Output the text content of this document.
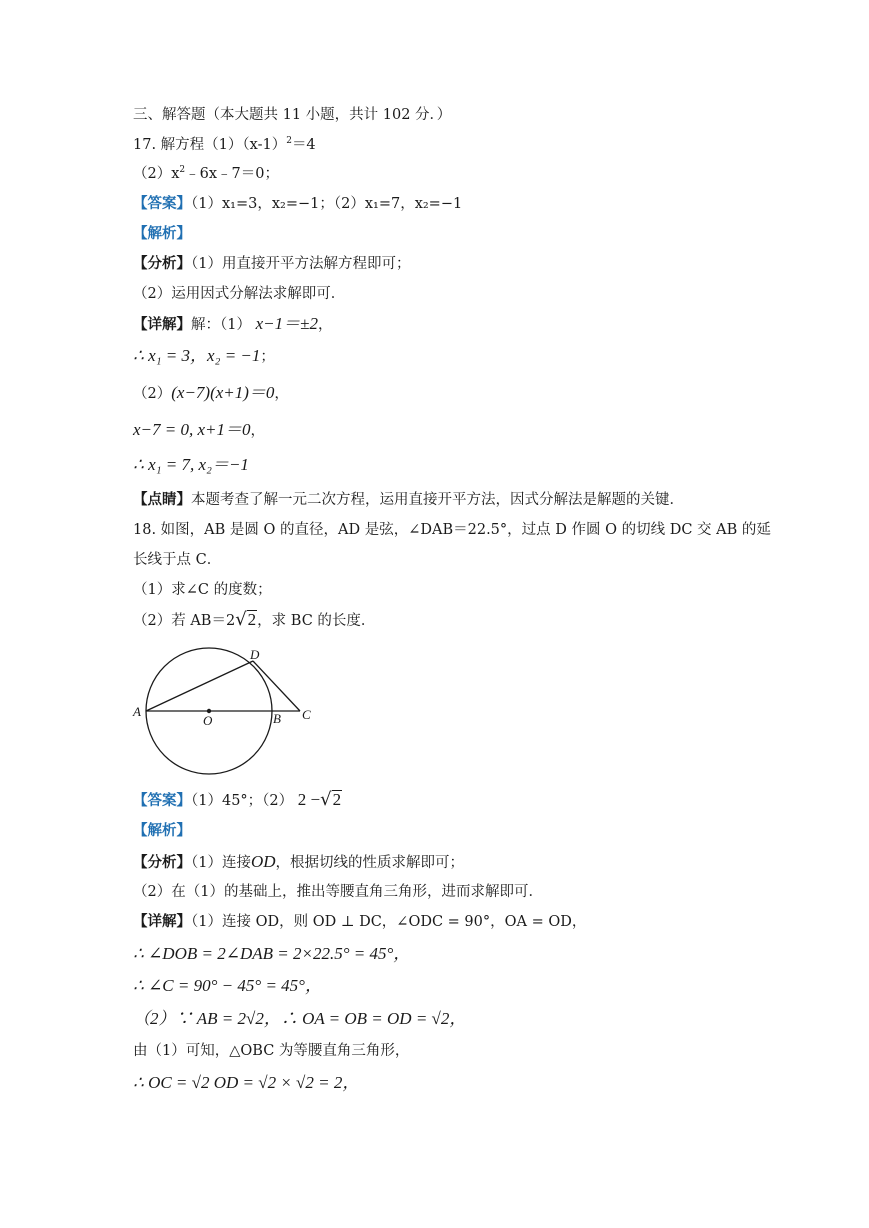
三、解答题（本大题共 11 小题，共计 102 分．）
17. 解方程$(1)(x-1)^2=4$
$(2)x^2﹣6x﹣7=0$；
【答案】（1）x₁=3，x₂=−1；（2）x₁=7，x₂=−1
【解析】
【分析】（1）用直接开平方法解方程即可；
（2）运用因式分解法求解即可．
【详解】解：（1） x−1＝±2，
∴ x₁ = 3，x₂ = −1；
（2）(x−7)(x+1)＝0，
x−7 = 0, x+1＝0，
∴ x₁ = 7, x₂＝−1
【点睛】本题考查了解一元二次方程，运用直接开平方法，因式分解法是解题的关键．
18. 如图，AB 是圆 O 的直径，AD 是弦，∠DAB＝22.5°，过点 D 作圆 O 的切线 DC 交 AB 的延
长线于点 C．
（1）求∠C 的度数；
（2）若 AB＝2√2，求 BC 的长度．
A
O	B C
D
【答案】（1）45°；（2） 2 −√2
【解析】
【分析】（1）连接OD，根据切线的性质求解即可；
（2）在（1）的基础上，推出等腰直角三角形，进而求解即可．
【详解】（1）连接 OD，则 OD ⊥ DC，∠ODC = 90°，OA = OD，
∴ ∠DOB = 2∠DAB = 2×22.5° = 45°，
∴ ∠C = 90° − 45° = 45°，
（2）∵ AB = 2√2，∴ OA = OB = OD = √2，
由（1）可知，△OBC 为等腰直角三角形，
∴ OC = √2 OD = √2 × √2 = 2，
